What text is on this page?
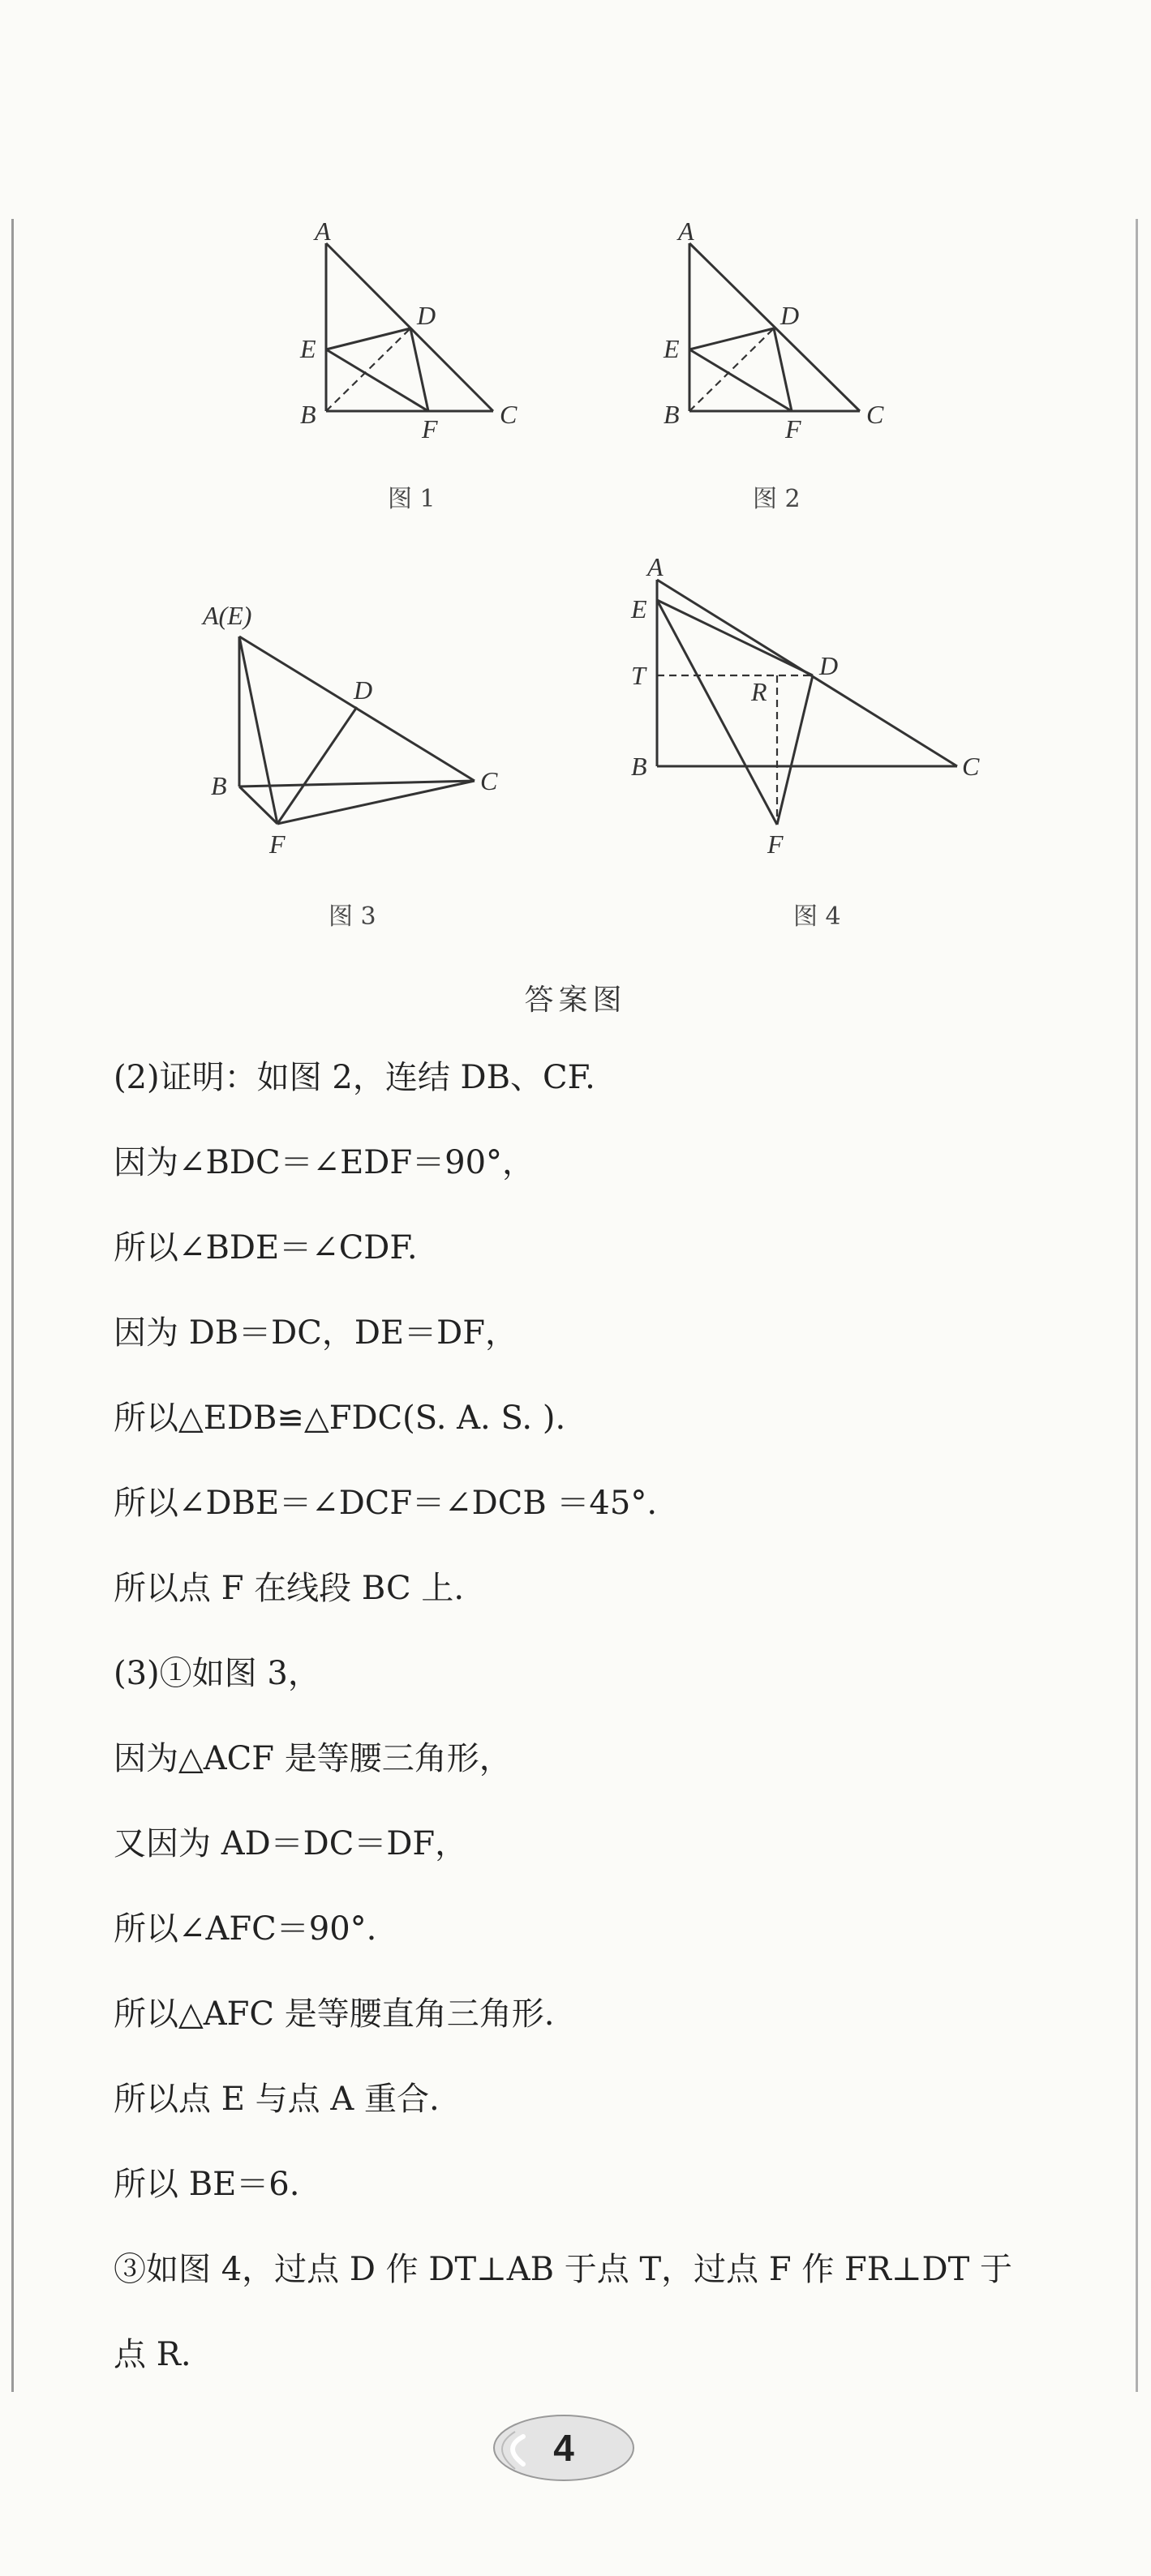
A
D
E
B	F C
图 1
A
D
E
B	F	C
图 2
A(E)
D
B	C
F
图 3
A
E
T
R
D
B	C
F
图 4
答案图
(2)证明：如图 2，连结 DB、CF.
因为∠BDC＝∠EDF＝90°，
所以∠BDE＝∠CDF.
因为 DB＝DC，DE＝DF，
所以△EDB≌△FDC(S. A. S. ).
所以∠DBE＝∠DCF＝∠DCB ＝45°.
所以点 F 在线段 BC 上.
(3)①如图 3，
因为△ACF 是等腰三角形，
又因为 AD＝DC＝DF，
所以∠AFC＝90°.
所以△AFC 是等腰直角三角形.
所以点 E 与点 A 重合.
所以 BE＝6.
③如图 4，过点 D 作 DT⊥AB 于点 T，过点 F 作 FR⊥DT 于
点 R.
4
